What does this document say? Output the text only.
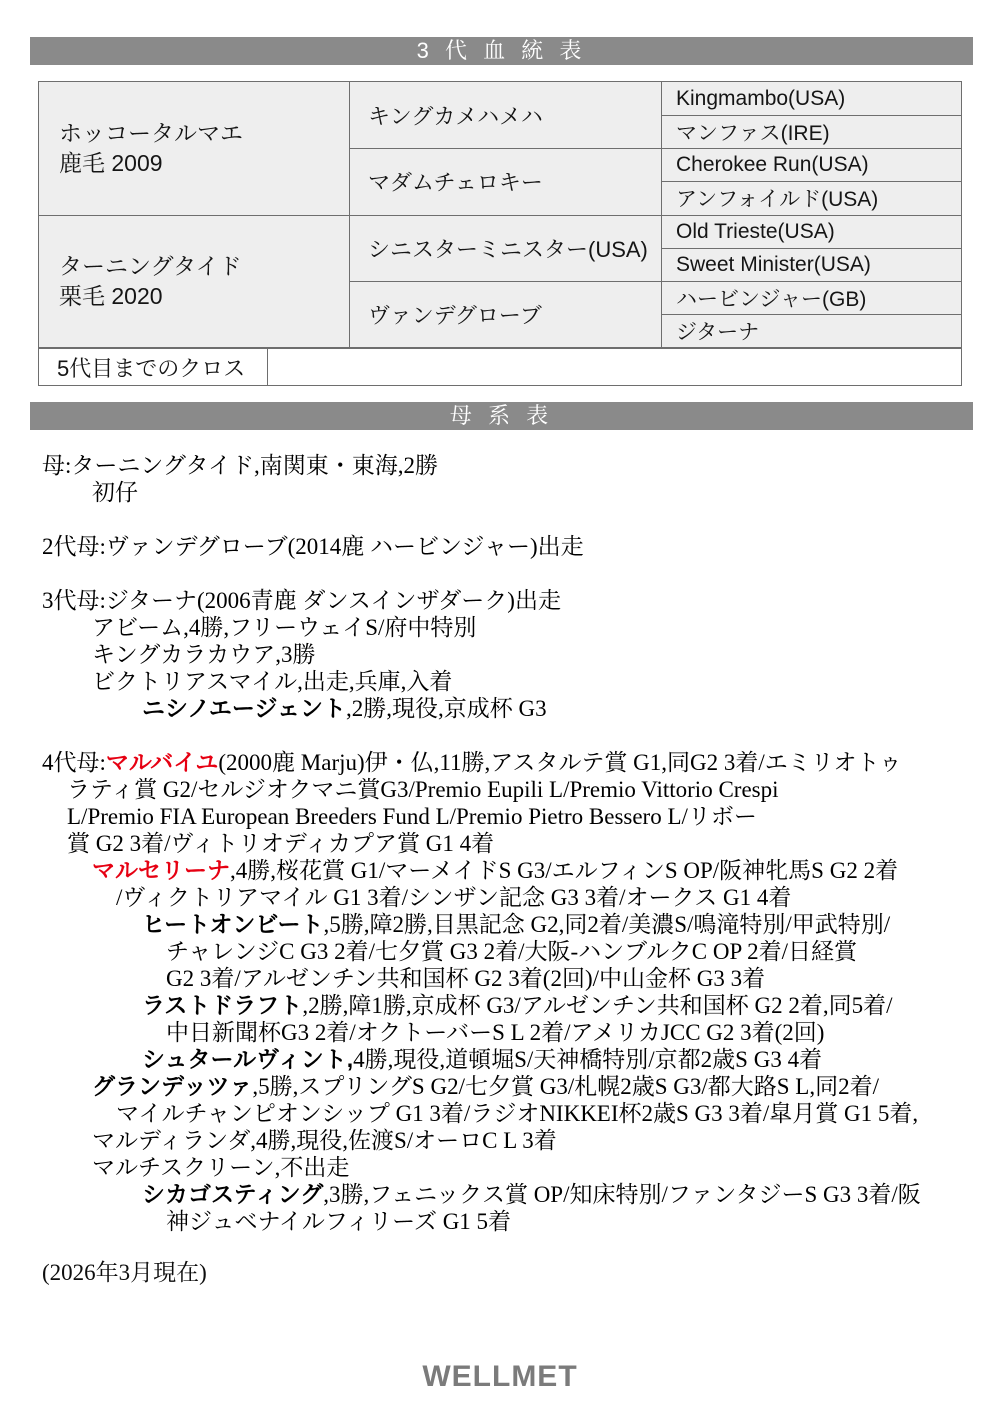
3 代 血 統 表
ホッコータルマエ
鹿毛 2009
キングカメハメハ
マダムチェロキー
ターニングタイド
栗毛 2020
シニスターミニスター(USA)
ヴァンデグローブ
Kingmambo(USA)
マンファス(IRE)
Cherokee Run(USA)
アンフォイルド(USA)
Old Trieste(USA)
Sweet Minister(USA)
ハービンジャー(GB)
ジターナ
5代目までのクロス
母 系 表
母:ターニングタイド,南関東・東海,2勝
初仔
2代母:ヴァンデグローブ(2014鹿 ハービンジャー)出走
3代母:ジターナ(2006青鹿 ダンスインザダーク)出走
アビーム,4勝,フリーウェイS/府中特別
キングカラカウア,3勝
ビクトリアスマイル,出走,兵庫,入着
ニシノエージェント,2勝,現役,京成杯 G3
4代母:マルバイユ(2000鹿 Marju)伊・仏,11勝,アスタルテ賞 G1,同G2 3着/エミリオトゥ
ラティ賞 G2/セルジオクマニ賞G3/Premio Eupili L/Premio Vittorio Crespi
L/Premio FIA European Breeders Fund L/Premio Pietro Bessero L/リボー
賞 G2 3着/ヴィトリオディカプア賞 G1 4着
マルセリーナ,4勝,桜花賞 G1/マーメイドS G3/エルフィンS OP/阪神牝馬S G2 2着
/ヴィクトリアマイル G1 3着/シンザン記念 G3 3着/オークス G1 4着
ヒートオンビート,5勝,障2勝,目黒記念 G2,同2着/美濃S/鳴滝特別/甲武特別/
チャレンジC G3 2着/七夕賞 G3 2着/大阪-ハンブルクC OP 2着/日経賞
G2 3着/アルゼンチン共和国杯 G2 3着(2回)/中山金杯 G3 3着
ラストドラフト,2勝,障1勝,京成杯 G3/アルゼンチン共和国杯 G2 2着,同5着/
中日新聞杯G3 2着/オクトーバーS L 2着/アメリカJCC G2 3着(2回)
シュタールヴィント,4勝,現役,道頓堀S/天神橋特別/京都2歳S G3 4着
グランデッツァ,5勝,スプリングS G2/七夕賞 G3/札幌2歳S G3/都大路S L,同2着/
マイルチャンピオンシップ G1 3着/ラジオNIKKEI杯2歳S G3 3着/皐月賞 G1 5着,
マルディランダ,4勝,現役,佐渡S/オーロC L 3着
マルチスクリーン,不出走
シカゴスティング,3勝,フェニックス賞 OP/知床特別/ファンタジーS G3 3着/阪
神ジュベナイルフィリーズ G1 5着
(2026年3月現在)
WELLMET
